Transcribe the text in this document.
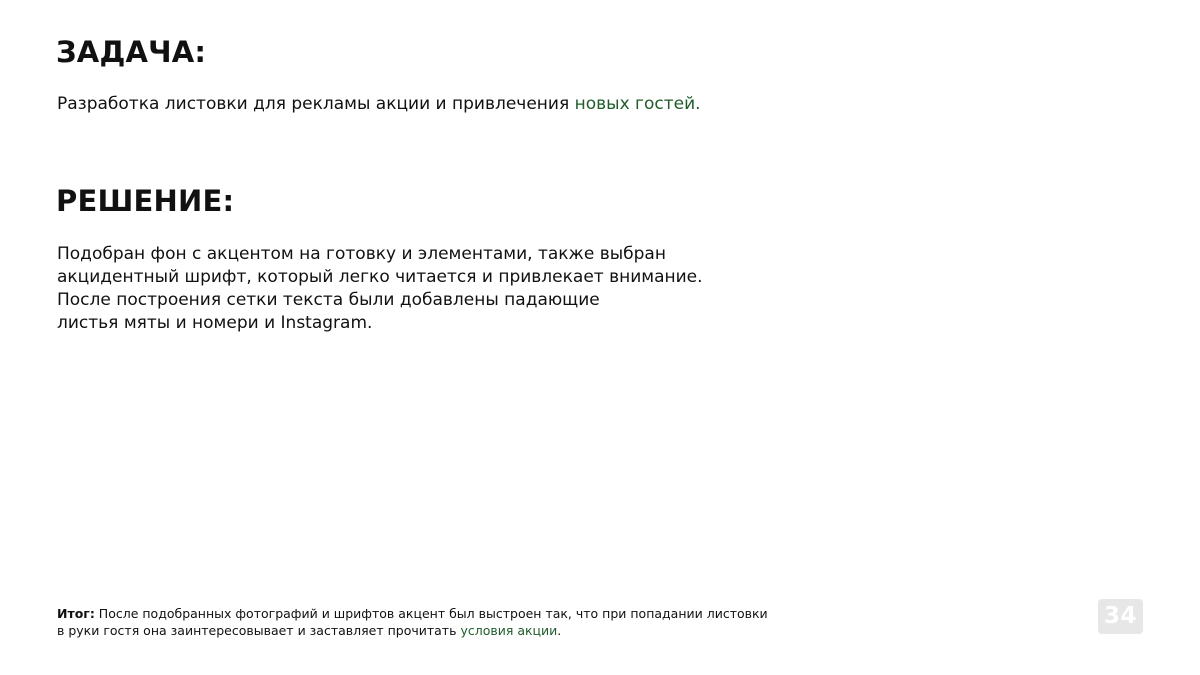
ЗАДАЧА:

Разработка листовки для рекламы акции и привлечения новых гостей.

РЕШЕНИЕ:
Подобран фон с акцентом на готовку и элементами, также выбран
акцидентный шрифт, который легко читается и привлекает внимание.
После построения сетки текста были добавлены падающие
листья мяты и номери и Instagram.
Итог: После подобранных фотографий и шрифтов акцент был выстроен так, что при попадании листовки
в руки гостя она заинтересовывает и заставляет прочитать условия акции.
34
